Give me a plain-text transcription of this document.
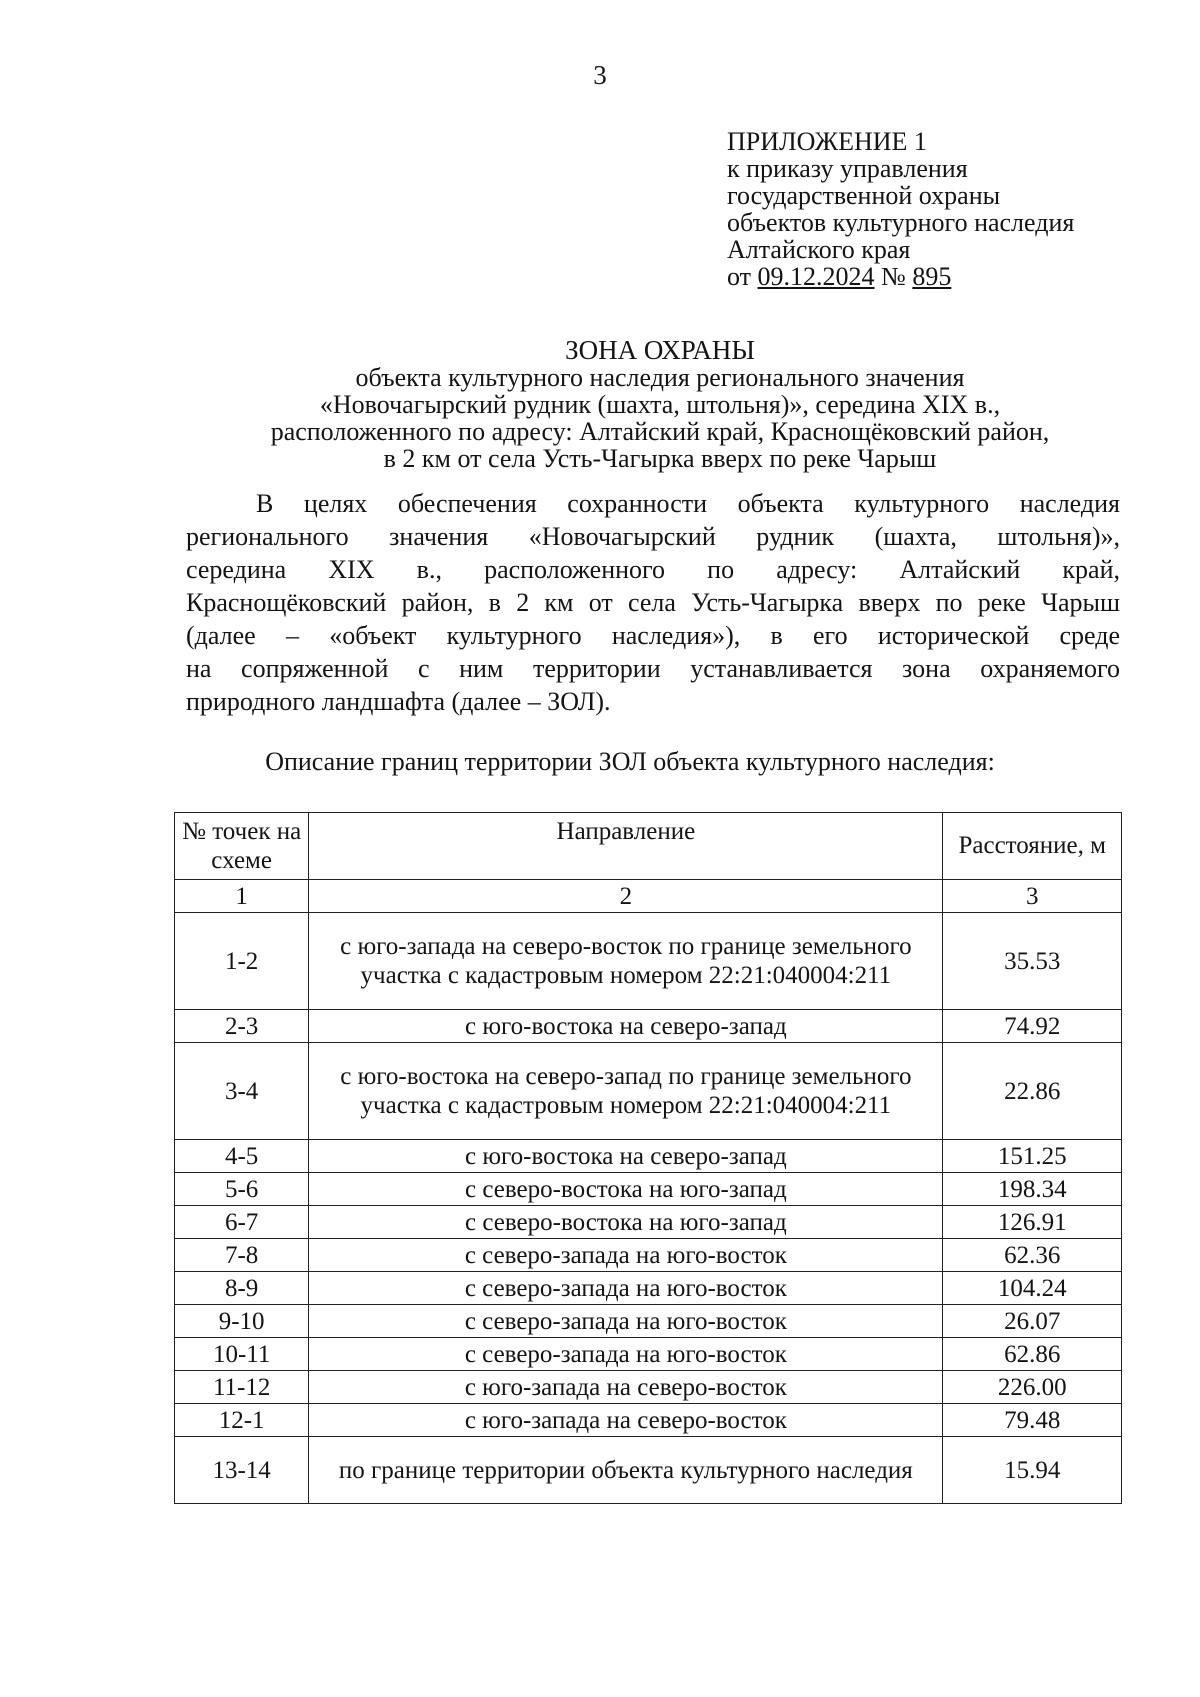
3
ПРИЛОЖЕНИЕ 1
к приказу управления
государственной охраны
объектов культурного наследия
Алтайского края
от 09.12.2024 № 895
ЗОНА ОХРАНЫ
объекта культурного наследия регионального значения
«Новочагырский рудник (шахта, штольня)», середина XIX в.,
расположенного по адресу: Алтайский край, Краснощёковский район,
в 2 км от села Усть-Чагырка вверх по реке Чарыш
В целях обеспечения сохранности объекта культурного наследия
регионального значения «Новочагырский рудник (шахта, штольня)»,
середина XIX в., расположенного по адресу: Алтайский край,
Краснощёковский район, в 2 км от села Усть-Чагырка вверх по реке Чарыш
(далее – «объект культурного наследия»), в его исторической среде
на сопряженной с ним территории устанавливается зона охраняемого
природного ландшафта (далее – ЗОЛ).
Описание границ территории ЗОЛ объекта культурного наследия:
№ точек на схеме	Направление	Расстояние, м
1	2	3
1-2	с юго-запада на северо-восток по границе земельного участка с кадастровым номером 22:21:040004:211	35.53
2-3	с юго-востока на северо-запад	74.92
3-4	с юго-востока на северо-запад по границе земельного участка с кадастровым номером 22:21:040004:211	22.86
4-5	с юго-востока на северо-запад	151.25
5-6	с северо-востока на юго-запад	198.34
6-7	с северо-востока на юго-запад	126.91
7-8	с северо-запада на юго-восток	62.36
8-9	с северо-запада на юго-восток	104.24
9-10	с северо-запада на юго-восток	26.07
10-11	с северо-запада на юго-восток	62.86
11-12	с юго-запада на северо-восток	226.00
12-1	с юго-запада на северо-восток	79.48
13-14	по границе территории объекта культурного наследия	15.94
